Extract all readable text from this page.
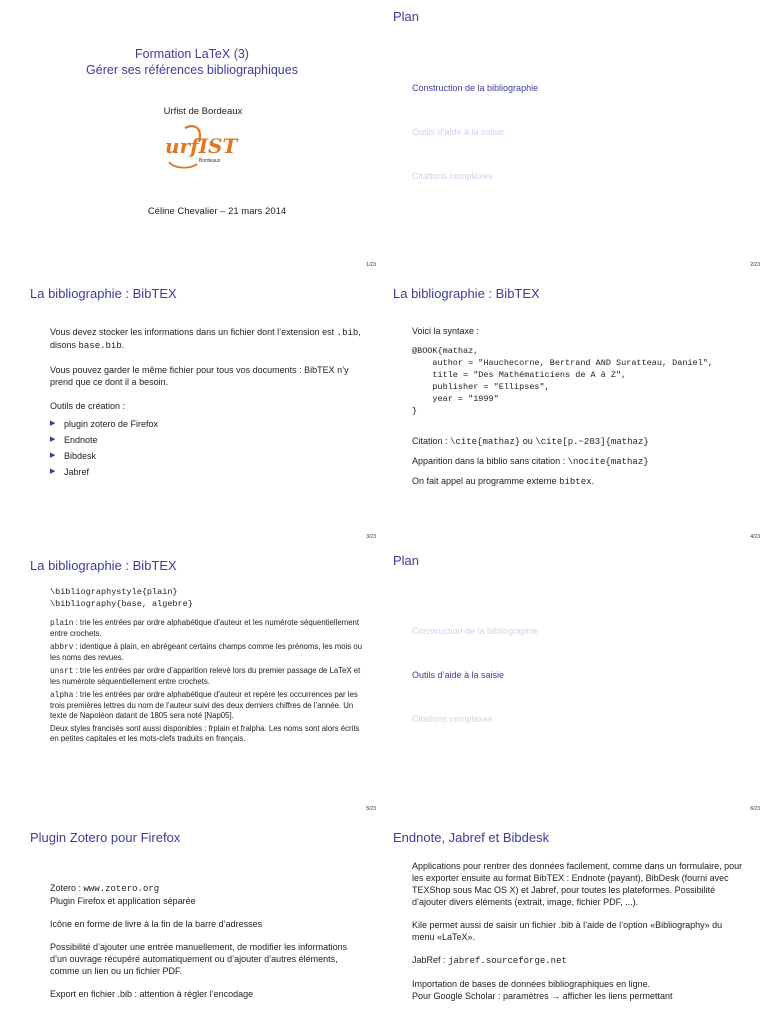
Formation LaTeX (3)
Gérer ses références bibliographiques
Urfist de Bordeaux
urfIST
Bordeaux
Céline Chevalier – 21 mars 2014
1/23
Plan
Construction de la bibliographie
Outils d’aide à la saisie
Citations complexes
2/23
La bibliographie : BibTEX

Vous devez stocker les informations dans un fichier dont l’extension est .bib, disons base.bib.

Vous pouvez garder le même fichier pour tous vos documents : BibTEX n’y prend que ce dont il a besoin.

Outils de création :

▶ plugin zotero de Firefox
▶ Endnote
▶ Bibdesk
▶ Jabref
3/23
La bibliographie : BibTEX

Voici la syntaxe :

@BOOK{mathaz,
author = "Hauchecorne, Bertrand AND Suratteau, Daniel",
title = "Des Mathématiciens de A à Z",
publisher = "Ellipses",
year = "1999"
}

Citation : \cite{mathaz} ou \cite[p.~203]{mathaz}

Apparition dans la biblio sans citation : \nocite{mathaz}

On fait appel au programme externe bibtex.

4/23
La bibliographie : BibTEX
\bibliographystyle{plain}
\bibliography{base, algebre}

plain : trie les entrées par ordre alphabétique d’auteur et les numérote séquentiellement entre crochets.

abbrv : identique à plain, en abrégeant certains champs comme les prénoms, les mois ou les noms des revues.

unsrt : trie les entrées par ordre d’apparition relevé lors du premier passage de LaTeX et les numérote séquentiellement entre crochets.

alpha : trie les entrées par ordre alphabétique d’auteur et repère les occurrences par les trois premières lettres du nom de l’auteur suivi des deux derniers chiffres de l’année. Un texte de Napoléon datant de 1805 sera noté [Nap05].

Deux styles francisés sont aussi disponibles : frplain et fralpha. Les noms sont alors écrits en petites capitales et les mots-clefs traduits en français.

5/23
Plan
Construction de la bibliographie
Outils d’aide à la saisie
Citations complexes
6/23
Plugin Zotero pour Firefox

Zotero : www.zotero.org

Plugin Firefox et application séparée

Icône en forme de livre à la fin de la barre d’adresses

Possibilité d’ajouter une entrée manuellement, de modifier les informations d’un ouvrage récupéré automatiquement ou d’ajouter d’autres éléments, comme un lien ou un fichier PDF.

Export en fichier .bib : attention à régler l’encodage

Endnote, Jabref et Bibdesk

Applications pour rentrer des données facilement, comme dans un formulaire, pour les exporter ensuite au format BibTEX : Endnote (payant), BibDesk (fourni avec TEXShop sous Mac OS X) et Jabref, pour toutes les plateformes. Possibilité d’ajouter divers éléments (extrait, image, fichier PDF, ...).

Kile permet aussi de saisir un fichier .bib à l’aide de l’option «Bibliography» du menu «LaTeX».

JabRef : jabref.sourceforge.net

Importation de bases de données bibliographiques en ligne.

Pour Google Scholar : paramètres → afficher les liens permettant
